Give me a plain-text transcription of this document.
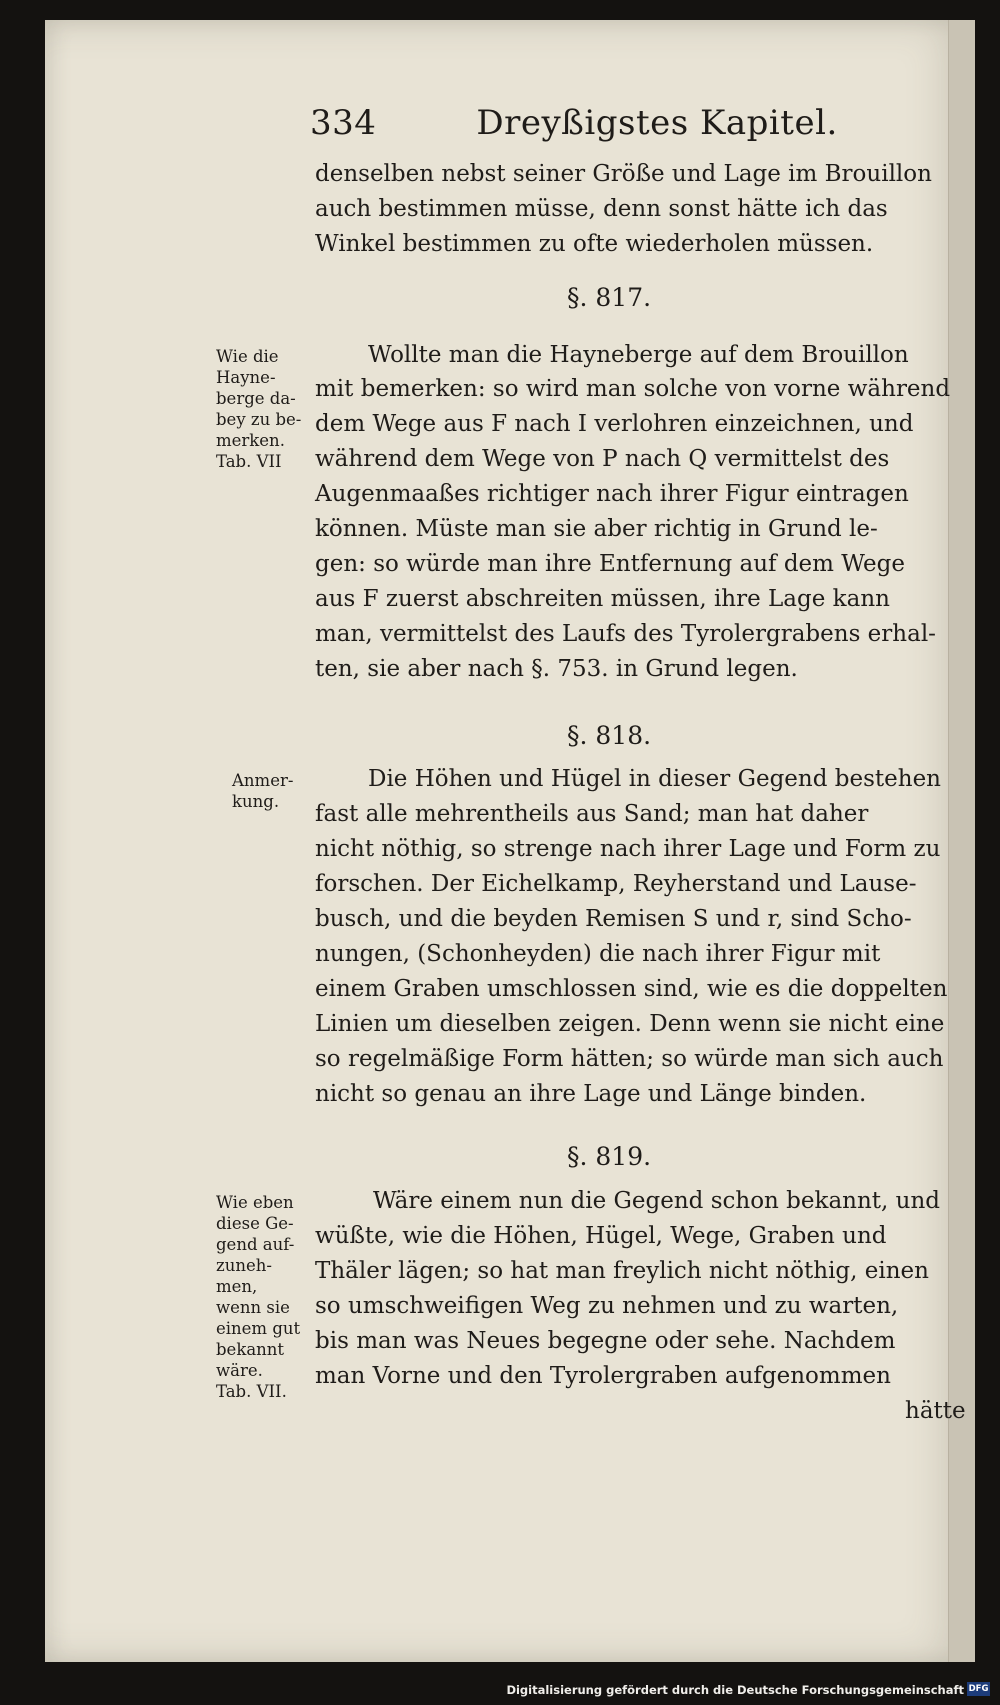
334	Dreyßigstes Kapitel.
denselben nebst seiner Größe und Lage im Brouillon
auch bestimmen müsse, denn sonst hätte ich das
Winkel bestimmen zu ofte wiederholen müssen.
§. 817.
Wollte man die Hayneberge auf dem Brouillon
mit bemerken: so wird man solche von vorne während
dem Wege aus F nach I verlohren einzeichnen, und
während dem Wege von P nach Q vermittelst des
Augenmaaßes richtiger nach ihrer Figur eintragen
können. Müste man sie aber richtig in Grund le-
gen: so würde man ihre Entfernung auf dem Wege
aus F zuerst abschreiten müssen, ihre Lage kann
man, vermittelst des Laufs des Tyrolergrabens erhal-
ten, sie aber nach §. 753. in Grund legen.
§. 818.
Die Höhen und Hügel in dieser Gegend bestehen
fast alle mehrentheils aus Sand; man hat daher
nicht nöthig, so strenge nach ihrer Lage und Form zu
forschen. Der Eichelkamp, Reyherstand und Lause-
busch, und die beyden Remisen S und r, sind Scho-
nungen, (Schonheyden) die nach ihrer Figur mit
einem Graben umschlossen sind, wie es die doppelten
Linien um dieselben zeigen. Denn wenn sie nicht eine
so regelmäßige Form hätten; so würde man sich auch
nicht so genau an ihre Lage und Länge binden.
§. 819.
Wäre einem nun die Gegend schon bekannt, und
wüßte, wie die Höhen, Hügel, Wege, Graben und
Thäler lägen; so hat man freylich nicht nöthig, einen
so umschweifigen Weg zu nehmen und zu warten,
bis man was Neues begegne oder sehe. Nachdem
man Vorne und den Tyrolergraben aufgenommen
hätte
Wie die
Hayne-
berge da-
bey zu be-
merken.
Tab. VII
Anmer-
kung.
Wie eben
diese Ge-
gend auf-
zuneh-
men,
wenn sie
einem gut
bekannt
wäre.
Tab. VII.
Digitalisierung gefördert durch die Deutsche Forschungsgemeinschaft DFG
